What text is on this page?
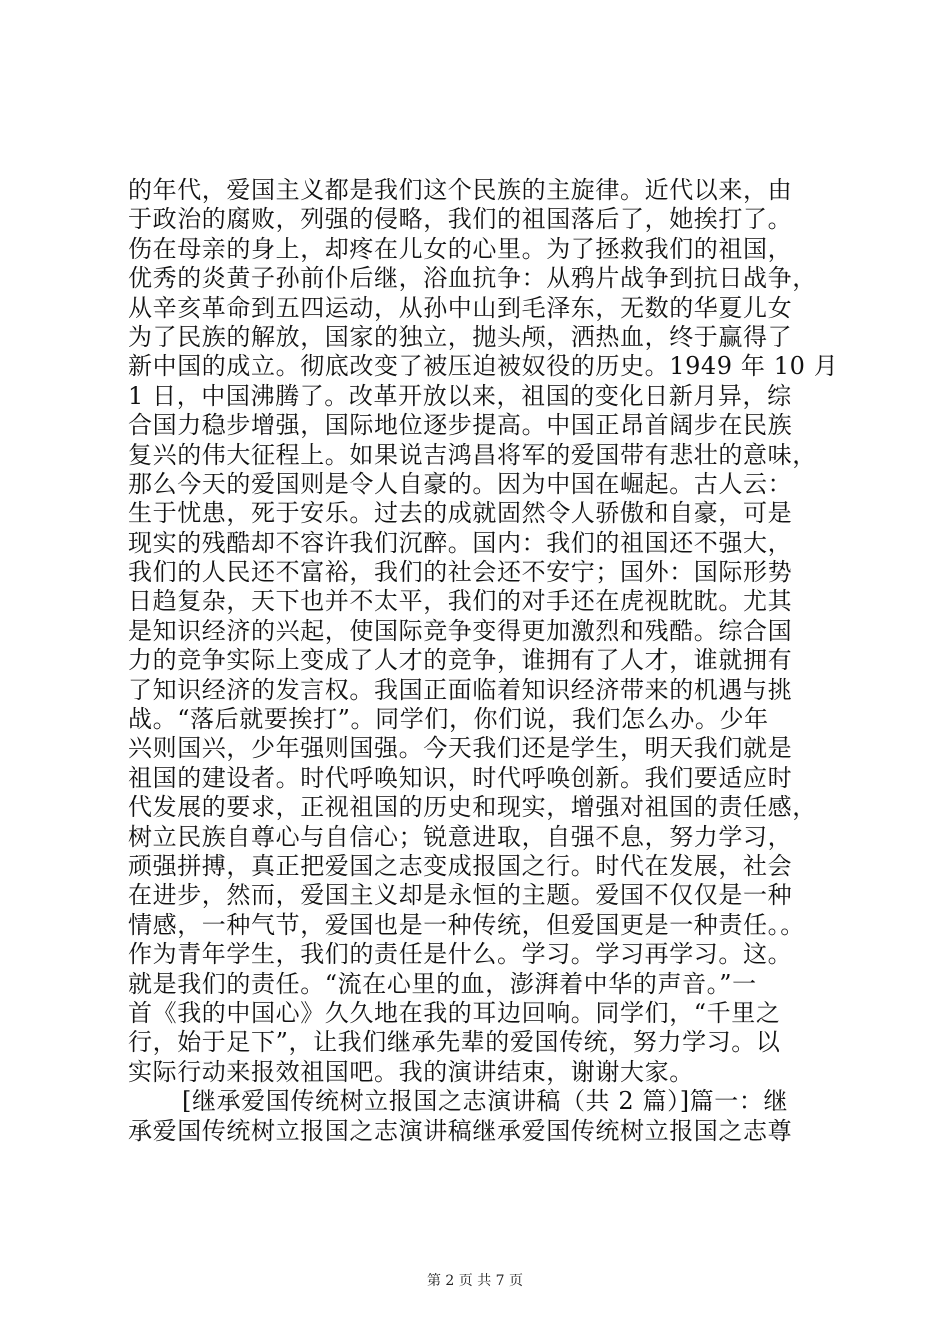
的年代，爱国主义都是我们这个民族的主旋律。近代以来，由
于政治的腐败，列强的侵略，我们的祖国落后了，她挨打了。
伤在母亲的身上，却疼在儿女的心里。为了拯救我们的祖国，
优秀的炎黄子孙前仆后继，浴血抗争：从鸦片战争到抗日战争，
从辛亥革命到五四运动，从孙中山到毛泽东，无数的华夏儿女
为了民族的解放，国家的独立，抛头颅，洒热血，终于赢得了
新中国的成立。彻底改变了被压迫被奴役的历史。1949 年 10 月
1 日，中国沸腾了。改革开放以来，祖国的变化日新月异，综
合国力稳步增强，国际地位逐步提高。中国正昂首阔步在民族
复兴的伟大征程上。如果说吉鸿昌将军的爱国带有悲壮的意味，
那么今天的爱国则是令人自豪的。因为中国在崛起。古人云：
生于忧患，死于安乐。过去的成就固然令人骄傲和自豪，可是
现实的残酷却不容许我们沉醉。国内：我们的祖国还不强大，
我们的人民还不富裕，我们的社会还不安宁；国外：国际形势
日趋复杂，天下也并不太平，我们的对手还在虎视眈眈。尤其
是知识经济的兴起，使国际竞争变得更加激烈和残酷。综合国
力的竞争实际上变成了人才的竞争，谁拥有了人才，谁就拥有
了知识经济的发言权。我国正面临着知识经济带来的机遇与挑
战。“落后就要挨打”。同学们，你们说，我们怎么办。少年
兴则国兴，少年强则国强。今天我们还是学生，明天我们就是
祖国的建设者。时代呼唤知识，时代呼唤创新。我们要适应时
代发展的要求，正视祖国的历史和现实，增强对祖国的责任感，
树立民族自尊心与自信心；锐意进取，自强不息，努力学习，
顽强拼搏，真正把爱国之志变成报国之行。时代在发展，社会
在进步，然而，爱国主义却是永恒的主题。爱国不仅仅是一种
情感，一种气节，爱国也是一种传统，但爱国更是一种责任。。
作为青年学生，我们的责任是什么。学习。学习再学习。这。
就是我们的责任。“流在心里的血，澎湃着中华的声音。”一
首《我的中国心》久久地在我的耳边回响。同学们，“千里之
行，始于足下”，让我们继承先辈的爱国传统，努力学习。以
实际行动来报效祖国吧。我的演讲结束，谢谢大家。
[继承爱国传统树立报国之志演讲稿（共 2 篇）]篇一：继
承爱国传统树立报国之志演讲稿继承爱国传统树立报国之志尊
第 2 页 共 7 页
